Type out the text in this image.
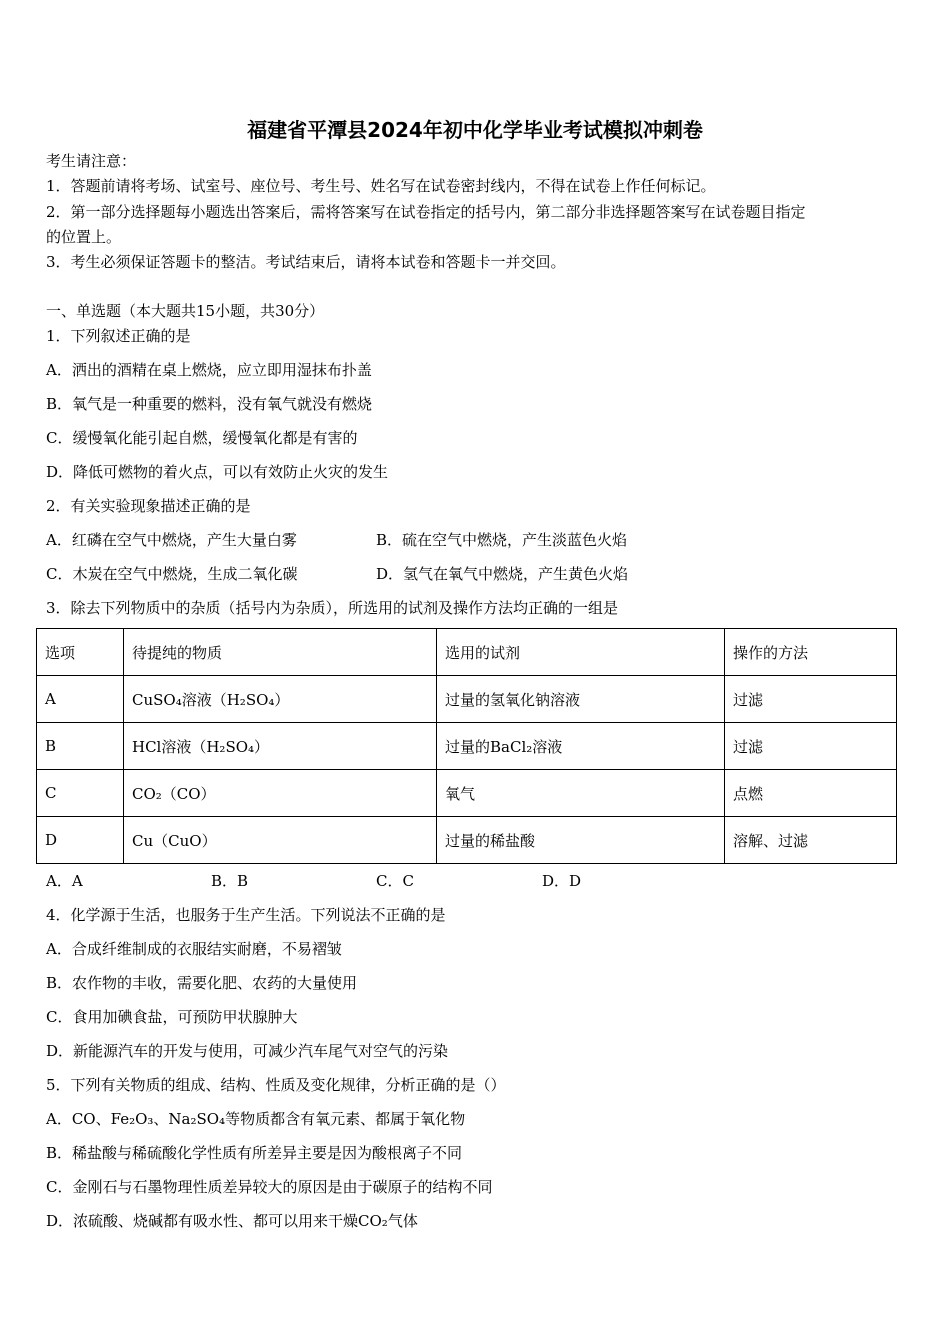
福建省平潭县2024年初中化学毕业考试模拟冲刺卷
考生请注意：
1．答题前请将考场、试室号、座位号、考生号、姓名写在试卷密封线内，不得在试卷上作任何标记。
2．第一部分选择题每小题选出答案后，需将答案写在试卷指定的括号内，第二部分非选择题答案写在试卷题目指定
的位置上。
3．考生必须保证答题卡的整洁。考试结束后，请将本试卷和答题卡一并交回。
一、单选题（本大题共15小题，共30分）
1．下列叙述正确的是
A．洒出的酒精在桌上燃烧，应立即用湿抹布扑盖
B．氧气是一种重要的燃料，没有氧气就没有燃烧
C．缓慢氧化能引起自燃，缓慢氧化都是有害的
D．降低可燃物的着火点，可以有效防止火灾的发生
2．有关实验现象描述正确的是
A．红磷在空气中燃烧，产生大量白雾	B．硫在空气中燃烧，产生淡蓝色火焰
C．木炭在空气中燃烧，生成二氧化碳	D．氢气在氧气中燃烧，产生黄色火焰
3．除去下列物质中的杂质（括号内为杂质），所选用的试剂及操作方法均正确的一组是
选项	待提纯的物质	选用的试剂	操作的方法
A	CuSO₄溶液（H₂SO₄）	过量的氢氧化钠溶液	过滤
B	HCl溶液（H₂SO₄）	过量的BaCl₂溶液	过滤
C	CO₂（CO）	氧气	点燃
D	Cu（CuO）	过量的稀盐酸	溶解、过滤
A．A	B．B	C．C	D．D
4．化学源于生活，也服务于生产生活。下列说法不正确的是
A．合成纤维制成的衣服结实耐磨，不易褶皱
B．农作物的丰收，需要化肥、农药的大量使用
C．食用加碘食盐，可预防甲状腺肿大
D．新能源汽车的开发与使用，可减少汽车尾气对空气的污染
5．下列有关物质的组成、结构、性质及变化规律，分析正确的是（）
A．CO、Fe₂O₃、Na₂SO₄等物质都含有氧元素、都属于氧化物
B．稀盐酸与稀硫酸化学性质有所差异主要是因为酸根离子不同
C．金刚石与石墨物理性质差异较大的原因是由于碳原子的结构不同
D．浓硫酸、烧碱都有吸水性、都可以用来干燥CO₂气体
